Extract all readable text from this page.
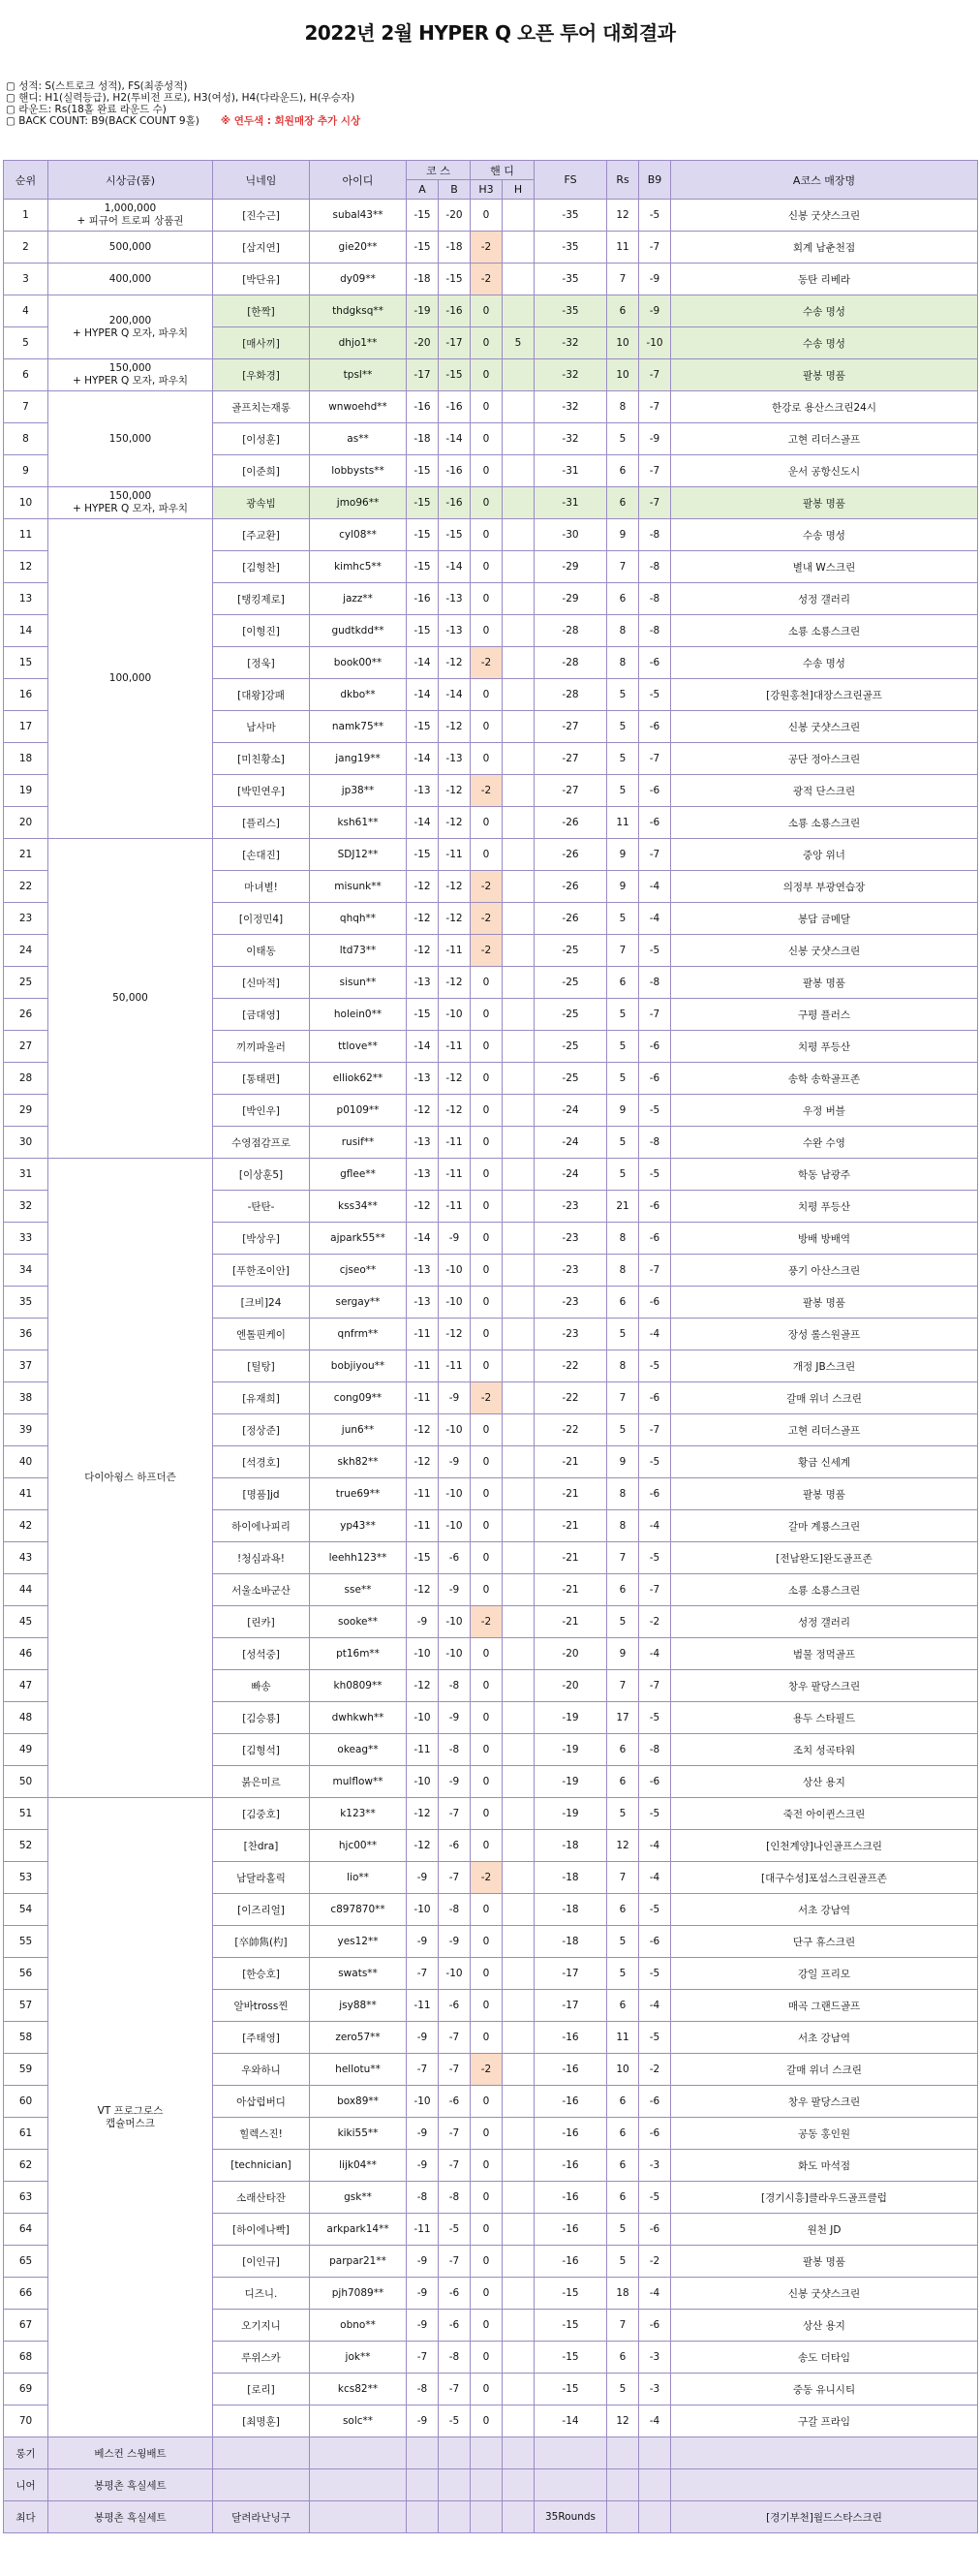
2022년 2월 HYPER Q 오픈 투어 대회결과
▢ 성적: S(스트로크 성적), FS(최종성적)
▢ 핸디: H1(실력등급), H2(투비전 프로), H3(여성), H4(다라운드), H(우승자)
▢ 라운드: Rs(18홀 완료 라운드 수)
▢ BACK COUNT: B9(BACK COUNT 9홀) ※ 연두색 : 회원매장 추가 시상
순위	시상금(품)	닉네임	아이디	코 스		핸 디		FS	Rs	B9	A코스 매장명
				A	B	H3	H				
1	1,000,000
+ 피규어 트로피 상품권	[진수근]	subal43**	-15	-20	0		-35	12	-5	신봉 굿샷스크린
2	500,000	[삼지연]	gie20**	-15	-18	-2		-35	11	-7	회계 남춘천점
3	400,000	[박단유]	dy09**	-18	-15	-2		-35	7	-9	동탄 리베라
4	200,000
+ HYPER Q 모자, 파우치	[한짝]	thdgksq**	-19	-16	0		-35	6	-9	수송 명성
5		[매사끼]	dhjo1**	-20	-17	0	5	-32	10	-10	수송 명성
6	150,000
+ HYPER Q 모자, 파우치	[우화경]	tpsl**	-17	-15	0		-32	10	-7	팔봉 명품
7	150,000	골프치는재롱	wnwoehd**	-16	-16	0		-32	8	-7	한강로 용산스크린24시
8		[이성훈]	as**	-18	-14	0		-32	5	-9	고현 리더스골프
9		[이준희]	lobbysts**	-15	-16	0		-31	6	-7	운서 공항신도시
10	150,000
+ HYPER Q 모자, 파우치	광속빔	jmo96**	-15	-16	0		-31	6	-7	팔봉 명품
11	100,000	[주교환]	cyl08**	-15	-15	0		-30	9	-8	수송 명성
12		[김형찬]	kimhc5**	-15	-14	0		-29	7	-8	별내 W스크린
13		[탱킹제로]	jazz**	-16	-13	0		-29	6	-8	성정 갤러리
14		[이형진]	gudtkdd**	-15	-13	0		-28	8	-8	소룡 소룡스크린
15		[정욱]	book00**	-14	-12	-2		-28	8	-6	수송 명성
16		[대왕]강패	dkbo**	-14	-14	0		-28	5	-5	[강원홍천]대장스크린골프
17		남사마	namk75**	-15	-12	0		-27	5	-6	신봉 굿샷스크린
18		[미친황소]	jang19**	-14	-13	0		-27	5	-7	공단 정아스크린
19		[박민연우]	jp38**	-13	-12	-2		-27	5	-6	광적 단스크린
20		[플리스]	ksh61**	-14	-12	0		-26	11	-6	소룡 소룡스크린
21	50,000	[손대진]	SDJ12**	-15	-11	0		-26	9	-7	중앙 위너
22		마녀별!	misunk**	-12	-12	-2		-26	9	-4	의정부 부광연습장
23		[이정민4]	qhqh**	-12	-12	-2		-26	5	-4	봉담 금메달
24		이태동	ltd73**	-12	-11	-2		-25	7	-5	신봉 굿샷스크린
25		[신마적]	sisun**	-13	-12	0		-25	6	-8	팔봉 명품
26		[금대영]	holein0**	-15	-10	0		-25	5	-7	구평 플러스
27		끼끼파울러	ttlove**	-14	-11	0		-25	5	-6	치평 푸등산
28		[통태편]	elliok62**	-13	-12	0		-25	5	-6	송학 송학골프존
29		[박인우]	p0109**	-12	-12	0		-24	9	-5	우정 버블
30		수영점감프로	rusif**	-13	-11	0		-24	5	-8	수완 수영
31	다이아윙스 하프더즌	[이상훈5]	gflee**	-13	-11	0		-24	5	-5	학동 남광주
32		-탄탄-	kss34**	-12	-11	0		-23	21	-6	치평 푸등산
33		[박상우]	ajpark55**	-14	-9	0		-23	8	-6	방배 방배역
34		[푸한조이안]	cjseo**	-13	-10	0		-23	8	-7	풍기 아산스크린
35		[크비]24	sergay**	-13	-10	0		-23	6	-6	팔봉 명품
36		엔톨핀케이	qnfrm**	-11	-12	0		-23	5	-4	장성 롤스원골프
37		[틸탕]	bobjiyou**	-11	-11	0		-22	8	-5	개정 JB스크린
38		[유재희]	cong09**	-11	-9	-2		-22	7	-6	갈매 위너 스크린
39		[정상준]	jun6**	-12	-10	0		-22	5	-7	고현 리더스골프
40		[석경호]	skh82**	-12	-9	0		-21	9	-5	황금 신세계
41		[명품]jd	true69**	-11	-10	0		-21	8	-6	팔봉 명품
42		하이에나피리	yp43**	-11	-10	0		-21	8	-4	갈마 계룡스크린
43		!청심과욕!	leehh123**	-15	-6	0		-21	7	-5	[전남완도]완도골프존
44		서울소바군산	sse**	-12	-9	0		-21	6	-7	소룡 소룡스크린
45		[린카]	sooke**	-9	-10	-2		-21	5	-2	성정 갤러리
46		[성석중]	pt16m**	-10	-10	0		-20	9	-4	범물 정먹골프
47		빠송	kh0809**	-12	-8	0		-20	7	-7	창우 팔당스크린
48		[김승룡]	dwhkwh**	-10	-9	0		-19	17	-5	용두 스타필드
49		[김형석]	okeag**	-11	-8	0		-19	6	-8	조치 성곡타워
50		붉은미르	mulflow**	-10	-9	0		-19	6	-6	상산 용지
51	VT 프로그로스
캡슐머스크	[김중호]	k123**	-12	-7	0		-19	5	-5	죽전 아이퀸스크린
52		[찬dra]	hjc00**	-12	-6	0		-18	12	-4	[인천계양]나인골프스크린
53		남달라홀릭	lio**	-9	-7	-2		-18	7	-4	[대구수성]포섬스크린골프존
54		[이즈리얼]	c897870**	-10	-8	0		-18	6	-5	서초 강남역
55		[卒帥雋(杓]	yes12**	-9	-9	0		-18	5	-6	단구 휴스크린
56		[한승호]	swats**	-7	-10	0		-17	5	-5	강일 프리모
57		알바tross찐	jsy88**	-11	-6	0		-17	6	-4	매곡 그랜드골프
58		[주태영]	zero57**	-9	-7	0		-16	11	-5	서초 강남역
59		우와하니	hellotu**	-7	-7	-2		-16	10	-2	갈매 위너 스크린
60		아삽럽버디	box89**	-10	-6	0		-16	6	-6	창우 팔당스크린
61		힐렉스진!	kiki55**	-9	-7	0		-16	6	-6	공동 홍인원
62		[technician]	lijk04**	-9	-7	0		-16	6	-3	화도 마석점
63		소래산타잔	gsk**	-8	-8	0		-16	6	-5	[경기시흥]클라우드골프클럽
64		[하이에나빡]	arkpark14**	-11	-5	0		-16	5	-6	원천 JD
65		[이인규]	parpar21**	-9	-7	0		-16	5	-2	팔봉 명품
66		디즈니.	pjh7089**	-9	-6	0		-15	18	-4	신봉 굿샷스크린
67		오기지니	obno**	-9	-6	0		-15	7	-6	상산 용지
68		루위스카	jok**	-7	-8	0		-15	6	-3	송도 더타임
69		[로리]	kcs82**	-8	-7	0		-15	5	-3	중동 유니시티
70		[최명훈]	solc**	-9	-5	0		-14	12	-4	구갈 프라임
롱기	베스컨 스윙배트										
니어	봉평촌 흑실세트										
최다	봉평촌 흑실세트	달려라난닝구						35Rounds			[경기부천]월드스타스크린
